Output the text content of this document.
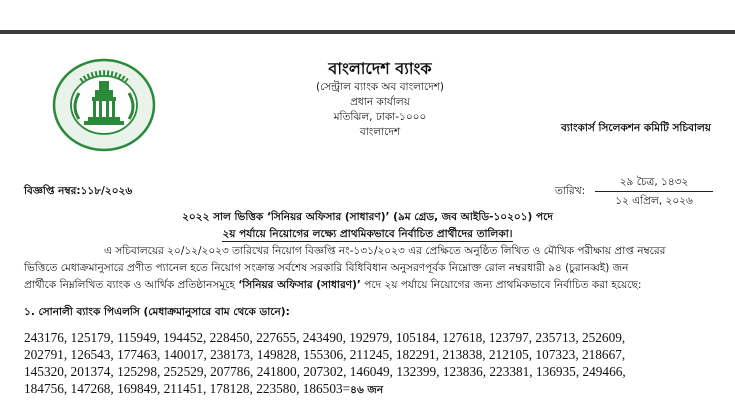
বাংলাদেশ ব্যাংক
(সেন্ট্রাল ব্যাংক অব বাংলাদেশ)
প্রধান কার্যালয়
মতিঝিল, ঢাকা-১০০০
বাংলাদেশ	ব্যাংকার্স সিলেকশন কমিটি সচিবালয়
বিজ্ঞপ্তি নম্বর:১১৮/২০২৬	তারিখ:
২৯ চৈত্র, ১৪৩২
১২ এপ্রিল, ২০২৬
২০২২ সাল ভিত্তিক ‘সিনিয়র অফিসার (সাধারণ)’ (৯ম গ্রেড, জব আইডি-১০২০১) পদে
২য় পর্যায়ে নিয়োগের লক্ষ্যে প্রাথমিকভাবে নির্বাচিত প্রার্থীদের তালিকা।
এ সচিবালয়ের ২০/১২/২০২৩ তারিখের নিয়োগ বিজ্ঞপ্তি নং-১৩১/২০২৩ এর প্রেক্ষিতে অনুষ্ঠিত লিখিত ও মৌখিক পরীক্ষায় প্রাপ্ত নম্বরের
ভিত্তিতে মেধাক্রমানুসারে প্রণীত প্যানেল হতে নিয়োগ সংক্রান্ত সর্বশেষ সরকারি বিধিবিধান অনুসরণপূর্বক নিম্নোক্ত রোল নম্বরধারী ৯৪ (চুরানব্বই) জন
প্রার্থীকে নিম্নলিখিত ব্যাংক ও আর্থিক প্রতিষ্ঠানসমূহে ‘সিনিয়র অফিসার (সাধারণ)’ পদে ২য় পর্যায়ে নিয়োগের জন্য প্রাথমিকভাবে নির্বাচিত করা হয়েছে:
১. সোনালী ব্যাংক পিএলসি (মেধাক্রমানুসারে বাম থেকে ডানে):
243176, 125179, 115949, 194452, 228450, 227655, 243490, 192979, 105184, 127618, 123797, 235713, 252609,
202791, 126543, 177463, 140017, 238173, 149828, 155306, 211245, 182291, 213838, 212105, 107323, 218667,
145320, 201374, 125298, 252529, 207786, 241800, 207302, 146049, 132399, 123836, 223381, 136935, 249466,
184756, 147268, 169849, 211451, 178128, 223580, 186503=৪৬ জন
